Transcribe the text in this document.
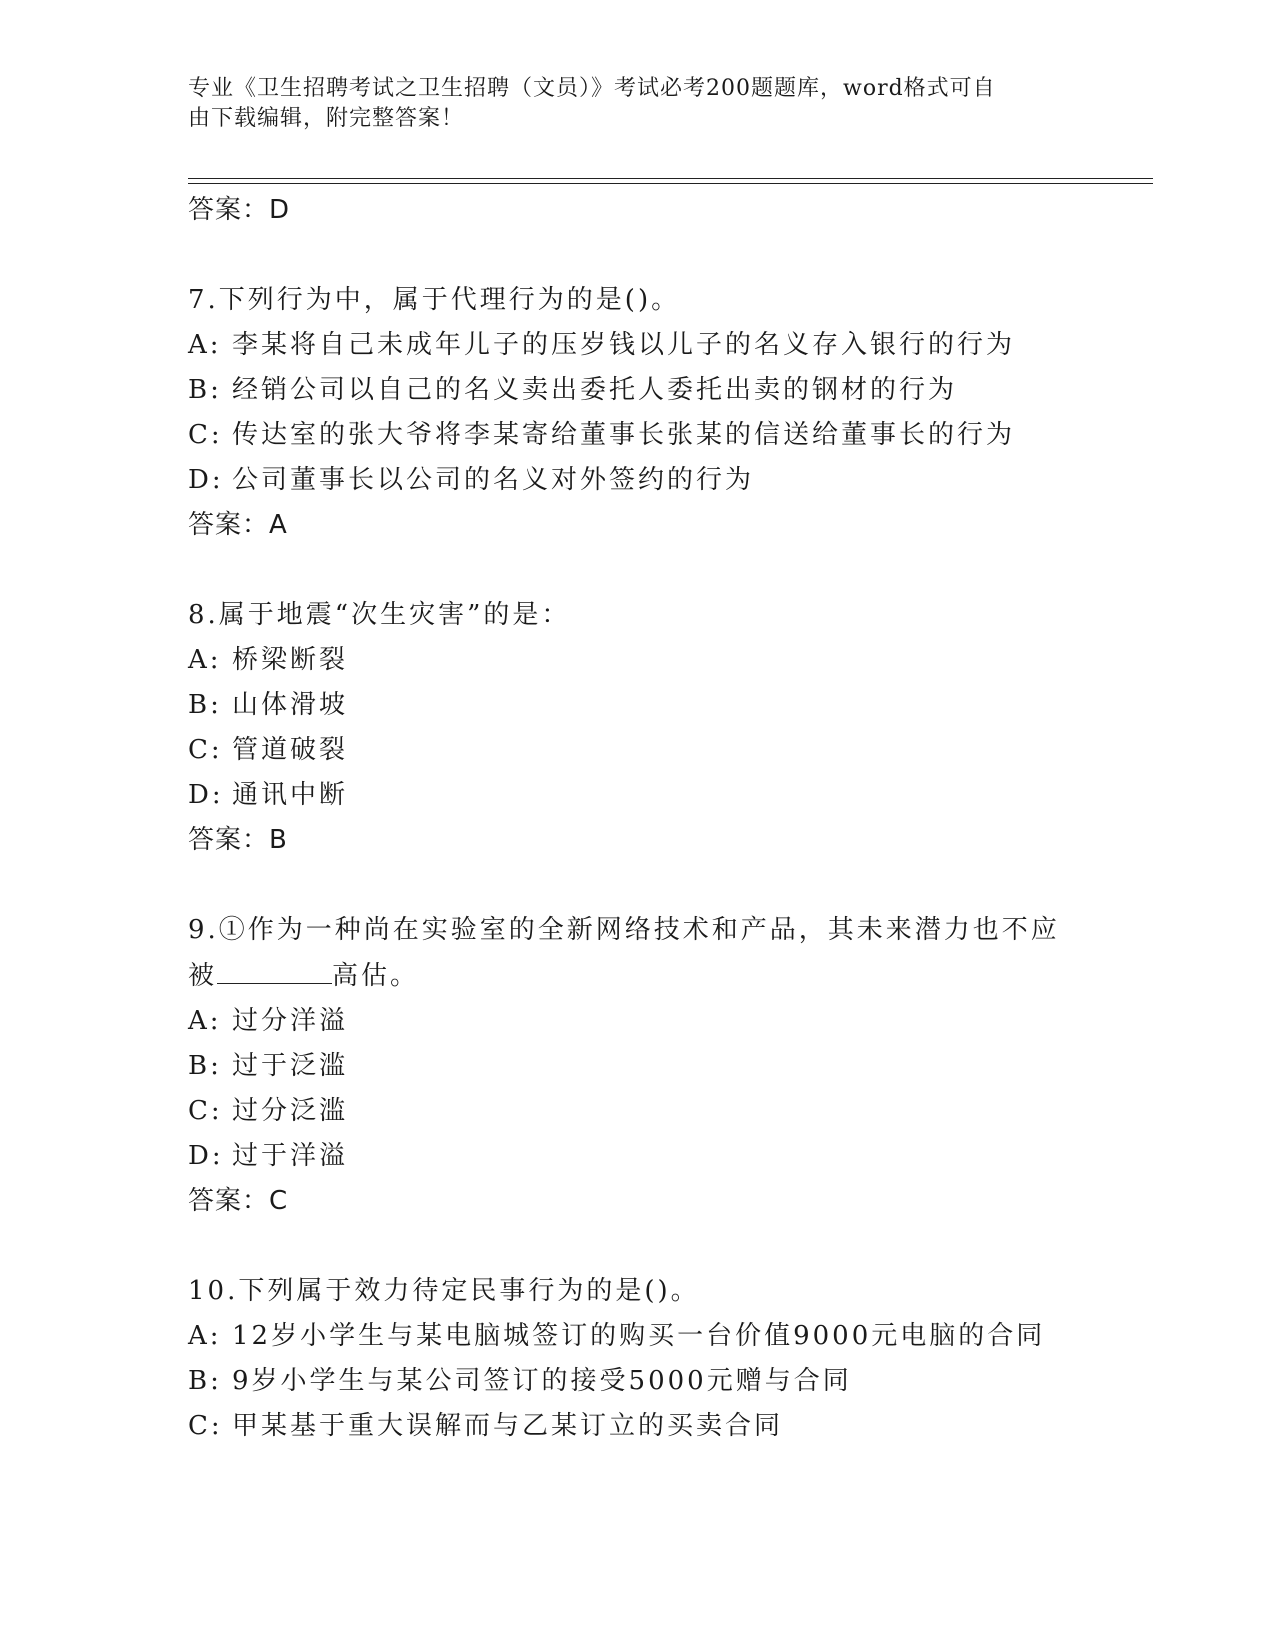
专业《卫生招聘考试之卫生招聘（文员）》考试必考200题题库，word格式可自
由下载编辑，附完整答案！

答案：D

7.下列行为中，属于代理行为的是()。

A: 李某将自己未成年儿子的压岁钱以儿子的名义存入银行的行为

B: 经销公司以自己的名义卖出委托人委托出卖的钢材的行为

C: 传达室的张大爷将李某寄给董事长张某的信送给董事长的行为

D: 公司董事长以公司的名义对外签约的行为

答案：A

8.属于地震“次生灾害”的是：

A: 桥梁断裂

B: 山体滑坡

C: 管道破裂

D: 通讯中断

答案：B

9.①作为一种尚在实验室的全新网络技术和产品，其未来潜力也不应

被	高估。

A: 过分洋溢

B: 过于泛滥

C: 过分泛滥

D: 过于洋溢

答案：C

10.下列属于效力待定民事行为的是()。

A: 12岁小学生与某电脑城签订的购买一台价值9000元电脑的合同

B: 9岁小学生与某公司签订的接受5000元赠与合同

C: 甲某基于重大误解而与乙某订立的买卖合同
